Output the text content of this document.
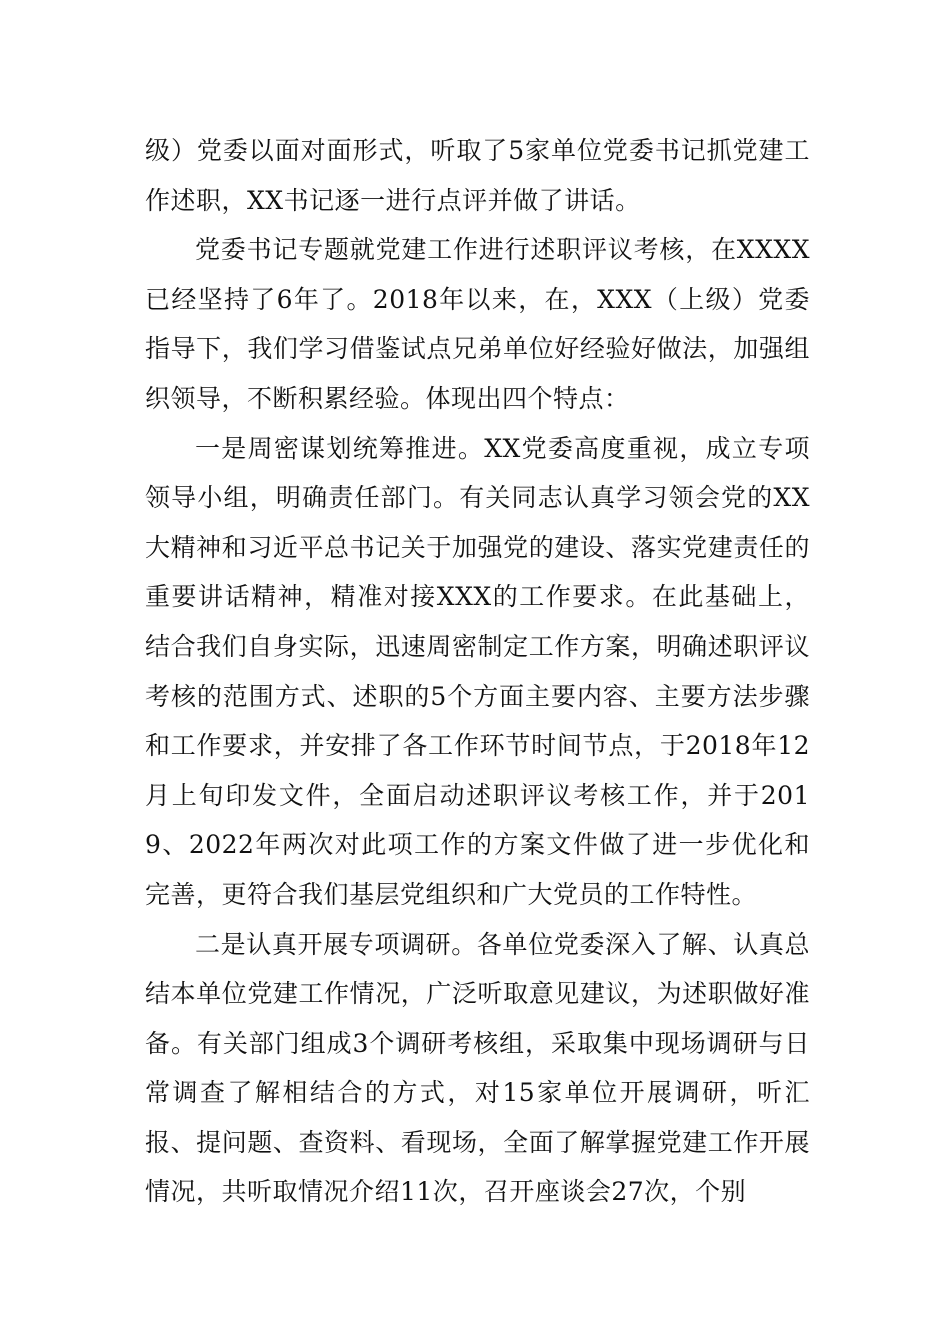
级）党委以面对面形式，听取了5家单位党委书记抓党建工作述职，XX书记逐一进行点评并做了讲话。

党委书记专题就党建工作进行述职评议考核，在XXXX已经坚持了6年了。2018年以来，在，XXX（上级）党委指导下，我们学习借鉴试点兄弟单位好经验好做法，加强组织领导，不断积累经验。体现出四个特点：

一是周密谋划统筹推进。XX党委高度重视，成立专项领导小组，明确责任部门。有关同志认真学习领会党的XX大精神和习近平总书记关于加强党的建设、落实党建责任的重要讲话精神，精准对接XXX的工作要求。在此基础上，结合我们自身实际，迅速周密制定工作方案，明确述职评议考核的范围方式、述职的5个方面主要内容、主要方法步骤和工作要求，并安排了各工作环节时间节点，于2018年12月上旬印发文件，全面启动述职评议考核工作，并于2019、2022年两次对此项工作的方案文件做了进一步优化和完善，更符合我们基层党组织和广大党员的工作特性。

二是认真开展专项调研。各单位党委深入了解、认真总结本单位党建工作情况，广泛听取意见建议，为述职做好准备。有关部门组成3个调研考核组，采取集中现场调研与日常调查了解相结合的方式，对15家单位开展调研，听汇报、提问题、查资料、看现场，全面了解掌握党建工作开展情况，共听取情况介绍11次，召开座谈会27次，个别
